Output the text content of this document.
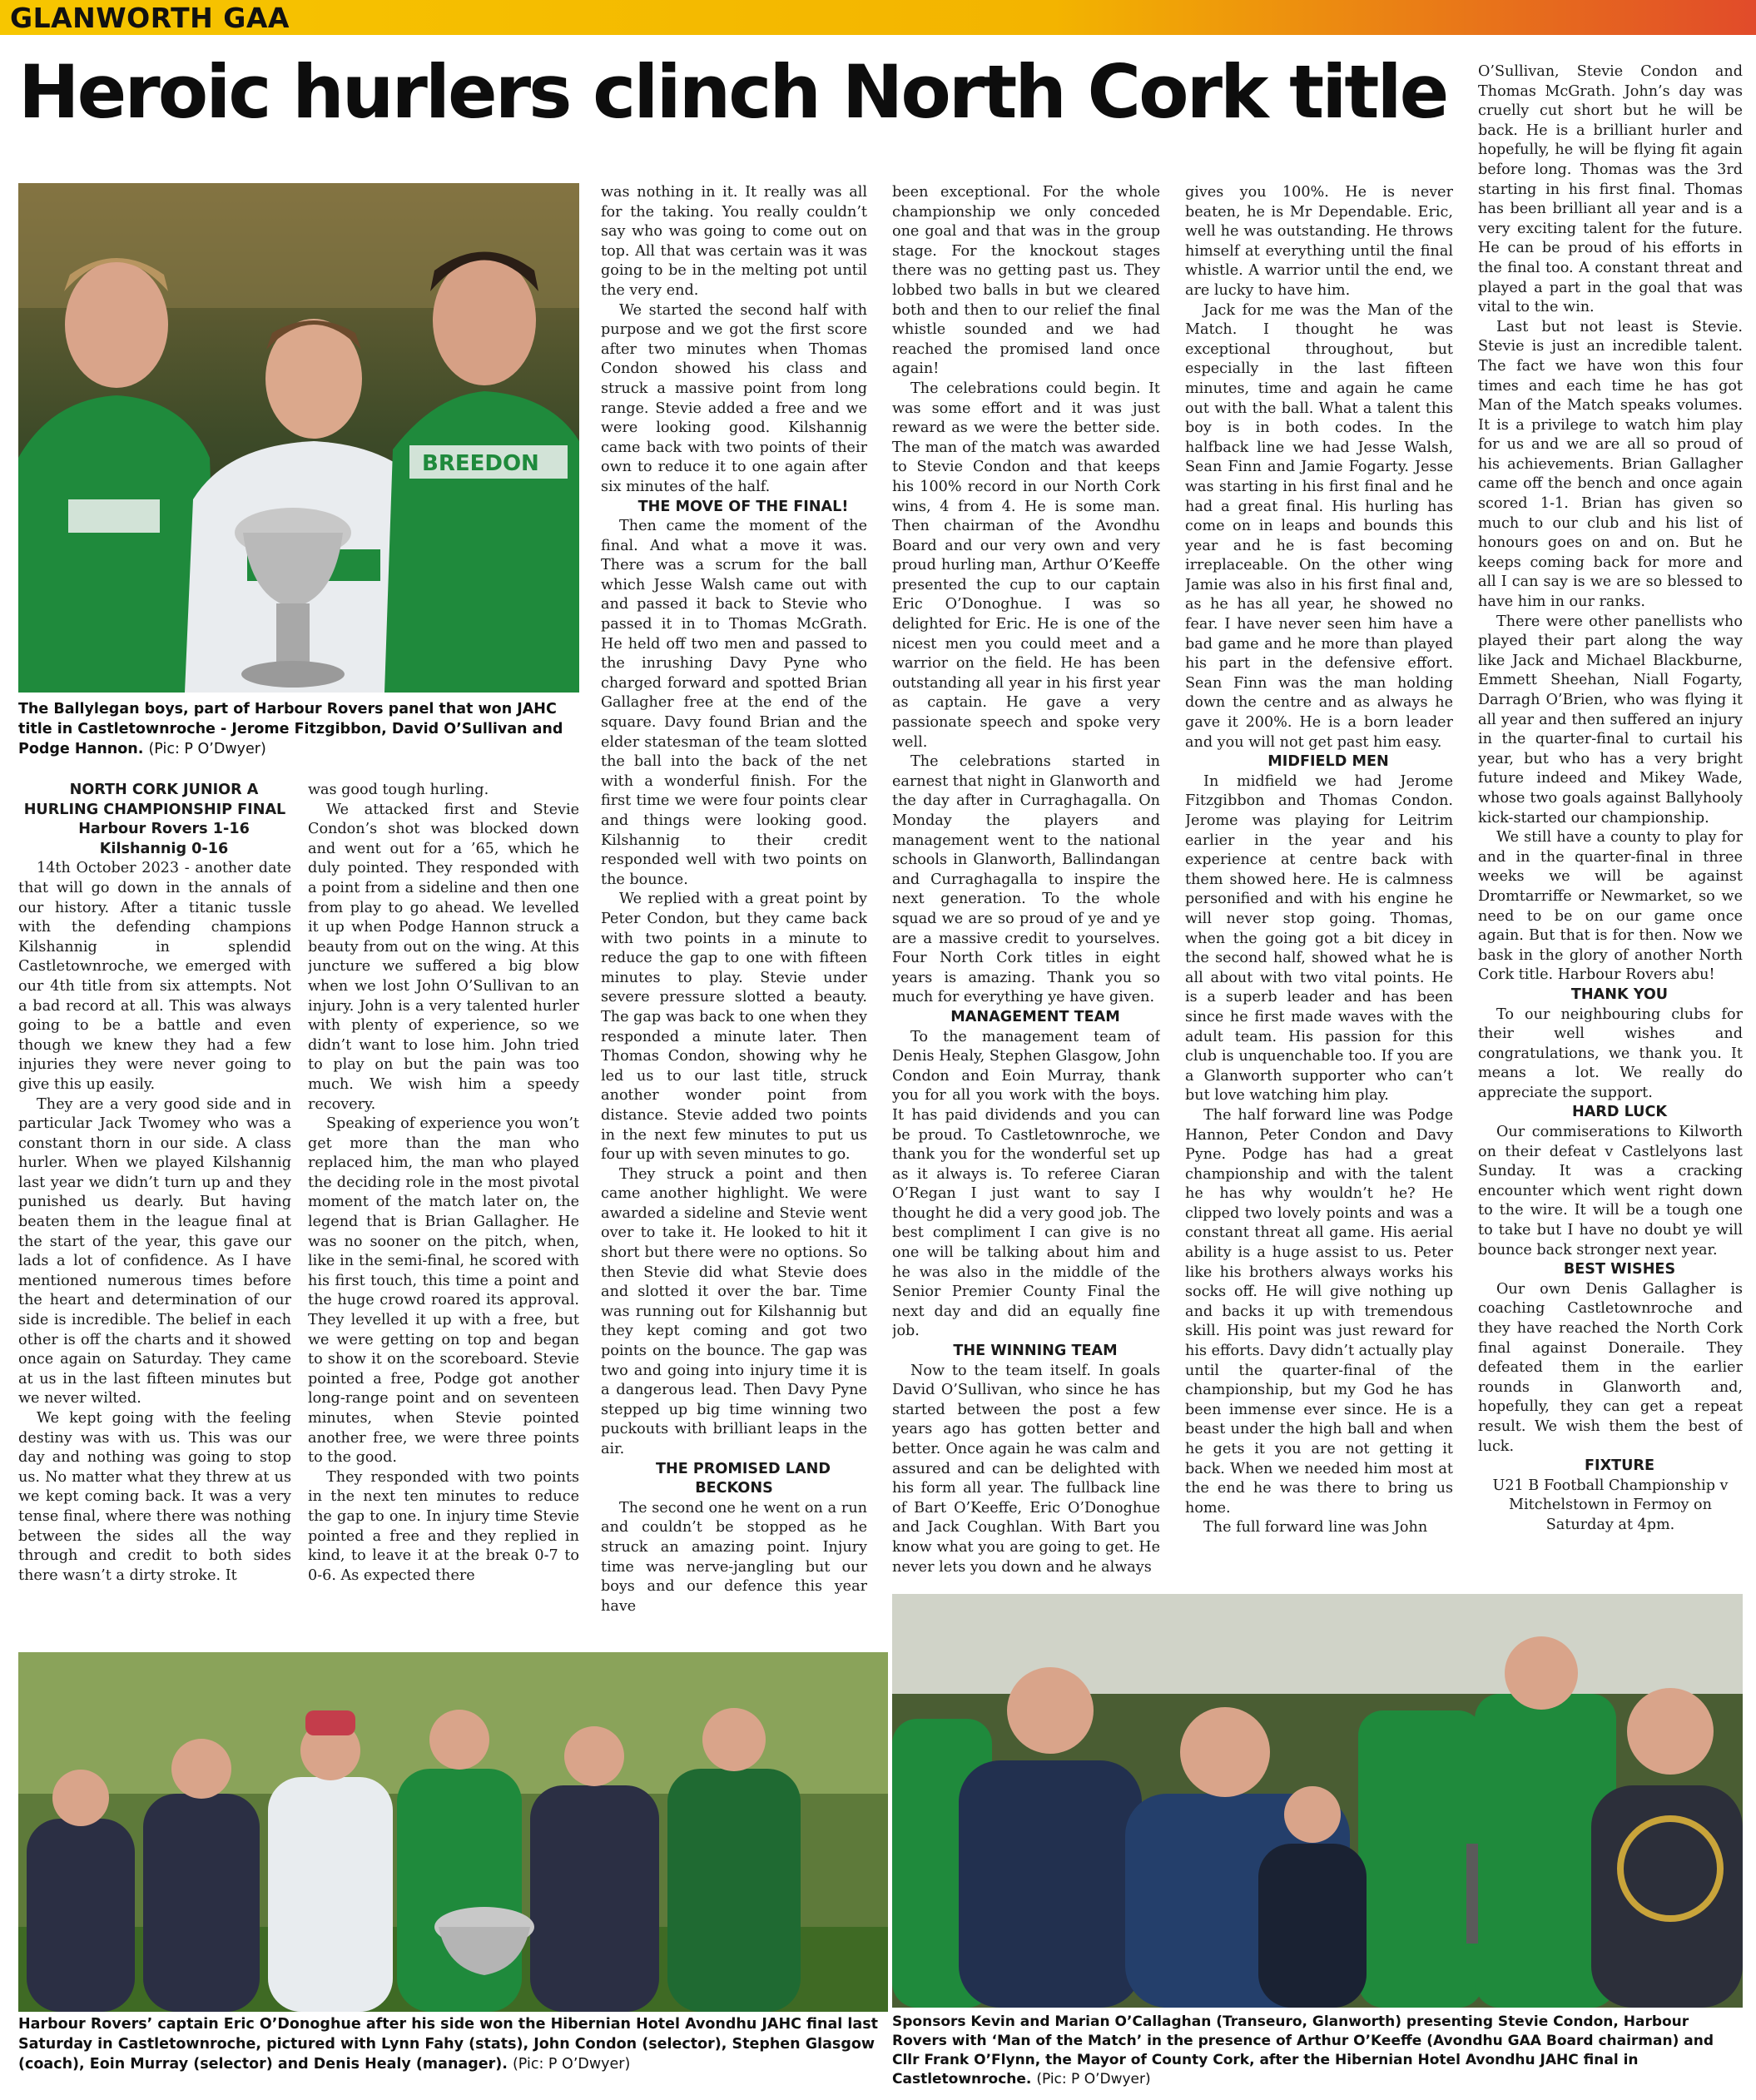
GLANWORTH GAA
Heroic hurlers clinch North Cork title
BREEDON
The Ballylegan boys, part of Harbour Rovers panel that won JAHC title in Castletownroche - Jerome Fitzgibbon, David O’Sullivan and Podge Hannon. (Pic: P O’Dwyer)

NORTH CORK JUNIOR A HURLING CHAMPIONSHIP FINAL

Harbour Rovers 1-16

Kilshannig 0-16

14th October 2023 - another date that will go down in the annals of our history. After a titanic tussle with the defending champions Kilshannig in splendid Castletownroche, we emerged with our 4th title from six attempts. Not a bad record at all. This was always going to be a battle and even though we knew they had a few injuries they were never going to give this up easily.

They are a very good side and in particular Jack Twomey who was a constant thorn in our side. A class hurler. When we played Kilshannig last year we didn’t turn up and they punished us dearly. But having beaten them in the league final at the start of the year, this gave our lads a lot of confidence. As I have mentioned numerous times before the heart and determination of our side is incredible. The belief in each other is off the charts and it showed once again on Saturday. They came at us in the last fifteen minutes but we never wilted.

We kept going with the feeling destiny was with us. This was our day and nothing was going to stop us. No matter what they threw at us we kept coming back. It was a very tense final, where there was nothing between the sides all the way through and credit to both sides there wasn’t a dirty stroke. It

was good tough hurling.

We attacked first and Stevie Condon’s shot was blocked down and went out for a ’65, which he duly pointed. They responded with a point from a sideline and then one from play to go ahead. We levelled it up when Podge Hannon struck a beauty from out on the wing. At this juncture we suffered a big blow when we lost John O’Sullivan to an injury. John is a very talented hurler with plenty of experience, so we didn’t want to lose him. John tried to play on but the pain was too much. We wish him a speedy recovery.

Speaking of experience you won’t get more than the man who replaced him, the man who played the deciding role in the most pivotal moment of the match later on, the legend that is Brian Gallagher. He was no sooner on the pitch, when, like in the semi-final, he scored with his first touch, this time a point and the huge crowd roared its approval. They levelled it up with a free, but we were getting on top and began to show it on the scoreboard. Stevie pointed a free, Podge got another long-range point and on seventeen minutes, when Stevie pointed another free, we were three points to the good.

They responded with two points in the next ten minutes to reduce the gap to one. In injury time Stevie pointed a free and they replied in kind, to leave it at the break 0-7 to 0-6. As expected there

was nothing in it. It really was all for the taking. You really couldn’t say who was going to come out on top. All that was certain was it was going to be in the melting pot until the very end.

We started the second half with purpose and we got the first score after two minutes when Thomas Condon showed his class and struck a massive point from long range. Stevie added a free and we were looking good. Kilshannig came back with two points of their own to reduce it to one again after six minutes of the half.

THE MOVE OF THE FINAL!

Then came the moment of the final. And what a move it was. There was a scrum for the ball which Jesse Walsh came out with and passed it back to Stevie who passed it in to Thomas McGrath. He held off two men and passed to the inrushing Davy Pyne who charged forward and spotted Brian Gallagher free at the end of the square. Davy found Brian and the elder statesman of the team slotted the ball into the back of the net with a wonderful finish. For the first time we were four points clear and things were looking good. Kilshannig to their credit responded well with two points on the bounce.

We replied with a great point by Peter Condon, but they came back with two points in a minute to reduce the gap to one with fifteen minutes to play. Stevie under severe pressure slotted a beauty. The gap was back to one when they responded a minute later. Then Thomas Condon, showing why he led us to our last title, struck another wonder point from distance. Stevie added two points in the next few minutes to put us four up with seven minutes to go.

They struck a point and then came another highlight. We were awarded a sideline and Stevie went over to take it. He looked to hit it short but there were no options. So then Stevie did what Stevie does and slotted it over the bar. Time was running out for Kilshannig but they kept coming and got two points on the bounce. The gap was two and going into injury time it is a dangerous lead. Then Davy Pyne stepped up big time winning two puckouts with brilliant leaps in the air.

THE PROMISED LAND BECKONS

The second one he went on a run and couldn’t be stopped as he struck an amazing point. Injury time was nerve-jangling but our boys and our defence this year have

been exceptional. For the whole championship we only conceded one goal and that was in the group stage. For the knockout stages there was no getting past us. They lobbed two balls in but we cleared both and then to our relief the final whistle sounded and we had reached the promised land once again!

The celebrations could begin. It was some effort and it was just reward as we were the better side. The man of the match was awarded to Stevie Condon and that keeps his 100% record in our North Cork wins, 4 from 4. He is some man. Then chairman of the Avondhu Board and our very own and very proud hurling man, Arthur O’Keeffe presented the cup to our captain Eric O’Donoghue. I was so delighted for Eric. He is one of the nicest men you could meet and a warrior on the field. He has been outstanding all year in his first year as captain. He gave a very passionate speech and spoke very well.

The celebrations started in earnest that night in Glanworth and the day after in Curraghagalla. On Monday the players and management went to the national schools in Glanworth, Ballindangan and Curraghagalla to inspire the next generation. To the whole squad we are so proud of ye and ye are a massive credit to yourselves. Four North Cork titles in eight years is amazing. Thank you so much for everything ye have given.

MANAGEMENT TEAM

To the management team of Denis Healy, Stephen Glasgow, John Condon and Eoin Murray, thank you for all you work with the boys. It has paid dividends and you can be proud. To Castletownroche, we thank you for the wonderful set up as it always is. To referee Ciaran O’Regan I just want to say I thought he did a very good job. The best compliment I can give is no one will be talking about him and he was also in the middle of the Senior Premier County Final the next day and did an equally fine job.

THE WINNING TEAM

Now to the team itself. In goals David O’Sullivan, who since he has started between the post a few years ago has gotten better and better. Once again he was calm and assured and can be delighted with his form all year. The fullback line of Bart O’Keeffe, Eric O’Donoghue and Jack Coughlan. With Bart you know what you are going to get. He never lets you down and he always

gives you 100%. He is never beaten, he is Mr Dependable. Eric, well he was outstanding. He throws himself at everything until the final whistle. A warrior until the end, we are lucky to have him.

Jack for me was the Man of the Match. I thought he was exceptional throughout, but especially in the last fifteen minutes, time and again he came out with the ball. What a talent this boy is in both codes. In the halfback line we had Jesse Walsh, Sean Finn and Jamie Fogarty. Jesse was starting in his first final and he had a great final. His hurling has come on in leaps and bounds this year and he is fast becoming irreplaceable. On the other wing Jamie was also in his first final and, as he has all year, he showed no fear. I have never seen him have a bad game and he more than played his part in the defensive effort. Sean Finn was the man holding down the centre and as always he gave it 200%. He is a born leader and you will not get past him easy.

MIDFIELD MEN

In midfield we had Jerome Fitzgibbon and Thomas Condon. Jerome was playing for Leitrim earlier in the year and his experience at centre back with them showed here. He is calmness personified and with his engine he will never stop going. Thomas, when the going got a bit dicey in the second half, showed what he is all about with two vital points. He is a superb leader and has been since he first made waves with the adult team. His passion for this club is unquenchable too. If you are a Glanworth supporter who can’t but love watching him play.

The half forward line was Podge Hannon, Peter Condon and Davy Pyne. Podge has had a great championship and with the talent he has why wouldn’t he? He clipped two lovely points and was a constant threat all game. His aerial ability is a huge assist to us. Peter like his brothers always works his socks off. He will give nothing up and backs it up with tremendous skill. His point was just reward for his efforts. Davy didn’t actually play until the quarter-final of the championship, but my God he has been immense ever since. He is a beast under the high ball and when he gets it you are not getting it back. When we needed him most at the end he was there to bring us home.

The full forward line was John

O’Sullivan, Stevie Condon and Thomas McGrath. John’s day was cruelly cut short but he will be back. He is a brilliant hurler and hopefully, he will be flying fit again before long. Thomas was the 3rd starting in his first final. Thomas has been brilliant all year and is a very exciting talent for the future. He can be proud of his efforts in the final too. A constant threat and played a part in the goal that was vital to the win.

Last but not least is Stevie. Stevie is just an incredible talent. The fact we have won this four times and each time he has got Man of the Match speaks volumes. It is a privilege to watch him play for us and we are all so proud of his achievements. Brian Gallagher came off the bench and once again scored 1-1. Brian has given so much to our club and his list of honours goes on and on. But he keeps coming back for more and all I can say is we are so blessed to have him in our ranks.

There were other panellists who played their part along the way like Jack and Michael Blackburne, Emmett Sheehan, Niall Fogarty, Darragh O’Brien, who was flying it all year and then suffered an injury in the quarter-final to curtail his year, but who has a very bright future indeed and Mikey Wade, whose two goals against Ballyhooly kick-started our championship.

We still have a county to play for and in the quarter-final in three weeks we will be against Dromtarriffe or Newmarket, so we need to be on our game once again. But that is for then. Now we bask in the glory of another North Cork title. Harbour Rovers abu!

THANK YOU

To our neighbouring clubs for their well wishes and congratulations, we thank you. It means a lot. We really do appreciate the support.

HARD LUCK

Our commiserations to Kilworth on their defeat v Castlelyons last Sunday. It was a cracking encounter which went right down to the wire. It will be a tough one to take but I have no doubt ye will bounce back stronger next year.

BEST WISHES

Our own Denis Gallagher is coaching Castletownroche and they have reached the North Cork final against Doneraile. They defeated them in the earlier rounds in Glanworth and, hopefully, they can get a repeat result. We wish them the best of luck.

FIXTURE

U21 B Football Championship v Mitchelstown in Fermoy on Saturday at 4pm.

Harbour Rovers’ captain Eric O’Donoghue after his side won the Hibernian Hotel Avondhu JAHC final last Saturday in Castletownroche, pictured with Lynn Fahy (stats), John Condon (selector), Stephen Glasgow (coach), Eoin Murray (selector) and Denis Healy (manager). (Pic: P O’Dwyer)
Sponsors Kevin and Marian O’Callaghan (Transeuro, Glanworth) presenting Stevie Condon, Harbour Rovers with ‘Man of the Match’ in the presence of Arthur O’Keeffe (Avondhu GAA Board chairman) and Cllr Frank O’Flynn, the Mayor of County Cork, after the Hibernian Hotel Avondhu JAHC final in Castletownroche. (Pic: P O’Dwyer)
